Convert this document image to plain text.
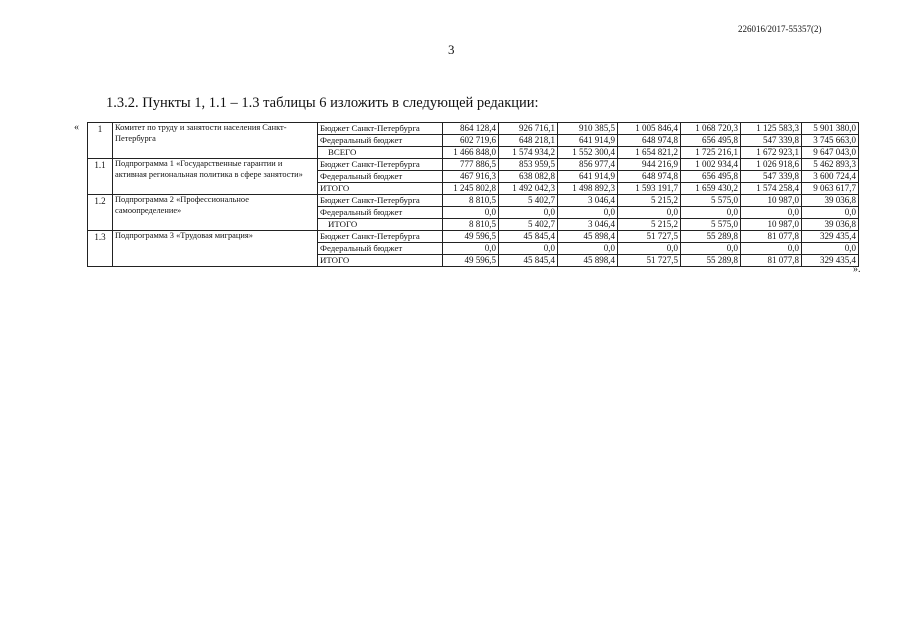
226016/2017-55357(2)
3
1.3.2. Пункты 1, 1.1 – 1.3 таблицы 6 изложить в следующей редакции:
«
».
1	Комитет по труду и занятости населения Санкт-Петербурга	Бюджет Санкт-Петербурга	864 128,4	926 716,1	910 385,5	1 005 846,4	1 068 720,3	1 125 583,3	5 901 380,0
		Федеральный бюджет	602 719,6	648 218,1	641 914,9	648 974,8	656 495,8	547 339,8	3 745 663,0
		ВСЕГО	1 466 848,0	1 574 934,2	1 552 300,4	1 654 821,2	1 725 216,1	1 672 923,1	9 647 043,0
1.1	Подпрограмма 1 «Государственные гарантии и активная региональная политика в сфере занятости»	Бюджет Санкт-Петербурга	777 886,5	853 959,5	856 977,4	944 216,9	1 002 934,4	1 026 918,6	5 462 893,3
		Федеральный бюджет	467 916,3	638 082,8	641 914,9	648 974,8	656 495,8	547 339,8	3 600 724,4
		ИТОГО	1 245 802,8	1 492 042,3	1 498 892,3	1 593 191,7	1 659 430,2	1 574 258,4	9 063 617,7
1.2	Подпрограмма 2 «Профессиональное самоопределение»	Бюджет Санкт-Петербурга	8 810,5	5 402,7	3 046,4	5 215,2	5 575,0	10 987,0	39 036,8
		Федеральный бюджет	0,0	0,0	0,0	0,0	0,0	0,0	0,0
		ИТОГО	8 810,5	5 402,7	3 046,4	5 215,2	5 575,0	10 987,0	39 036,8
1.3	Подпрограмма 3 «Трудовая миграция»	Бюджет Санкт-Петербурга	49 596,5	45 845,4	45 898,4	51 727,5	55 289,8	81 077,8	329 435,4
		Федеральный бюджет	0,0	0,0	0,0	0,0	0,0	0,0	0,0
		ИТОГО	49 596,5	45 845,4	45 898,4	51 727,5	55 289,8	81 077,8	329 435,4
